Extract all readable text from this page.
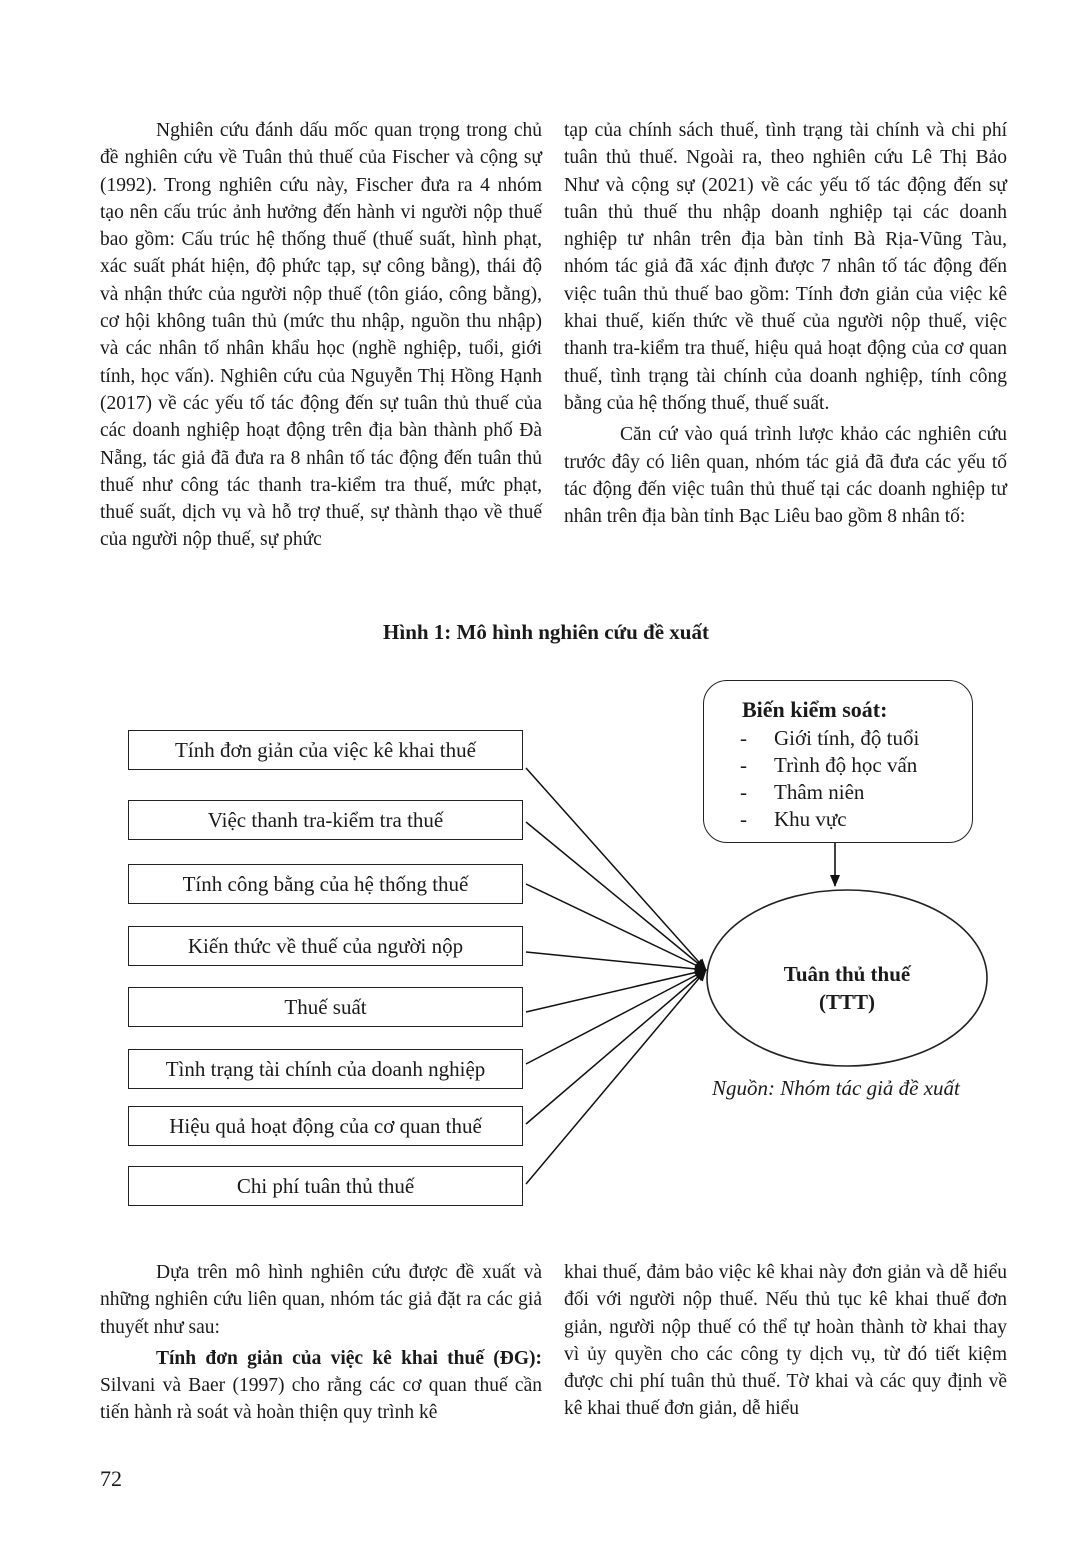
Nghiên cứu đánh dấu mốc quan trọng trong chủ đề nghiên cứu về Tuân thủ thuế của Fischer và cộng sự (1992). Trong nghiên cứu này, Fischer đưa ra 4 nhóm tạo nên cấu trúc ảnh hưởng đến hành vi người nộp thuế bao gồm: Cấu trúc hệ thống thuế (thuế suất, hình phạt, xác suất phát hiện, độ phức tạp, sự công bằng), thái độ và nhận thức của người nộp thuế (tôn giáo, công bằng), cơ hội không tuân thủ (mức thu nhập, nguồn thu nhập) và các nhân tố nhân khẩu học (nghề nghiệp, tuổi, giới tính, học vấn). Nghiên cứu của Nguyễn Thị Hồng Hạnh (2017) về các yếu tố tác động đến sự tuân thủ thuế của các doanh nghiệp hoạt động trên địa bàn thành phố Đà Nẵng, tác giả đã đưa ra 8 nhân tố tác động đến tuân thủ thuế như công tác thanh tra-kiểm tra thuế, mức phạt, thuế suất, dịch vụ và hỗ trợ thuế, sự thành thạo về thuế của người nộp thuế, sự phức

tạp của chính sách thuế, tình trạng tài chính và chi phí tuân thủ thuế. Ngoài ra, theo nghiên cứu Lê Thị Bảo Như và cộng sự (2021) về các yếu tố tác động đến sự tuân thủ thuế thu nhập doanh nghiệp tại các doanh nghiệp tư nhân trên địa bàn tỉnh Bà Rịa-Vũng Tàu, nhóm tác giả đã xác định được 7 nhân tố tác động đến việc tuân thủ thuế bao gồm: Tính đơn giản của việc kê khai thuế, kiến thức về thuế của người nộp thuế, việc thanh tra-kiểm tra thuế, hiệu quả hoạt động của cơ quan thuế, tình trạng tài chính của doanh nghiệp, tính công bằng của hệ thống thuế, thuế suất.

Căn cứ vào quá trình lược khảo các nghiên cứu trước đây có liên quan, nhóm tác giả đã đưa các yếu tố tác động đến việc tuân thủ thuế tại các doanh nghiệp tư nhân trên địa bàn tỉnh Bạc Liêu bao gồm 8 nhân tố:

Hình 1: Mô hình nghiên cứu đề xuất
Tính đơn giản của việc kê khai thuế
Việc thanh tra-kiểm tra thuế
Tính công bằng của hệ thống thuế
Kiến thức về thuế của người nộp
Thuế suất
Tình trạng tài chính của doanh nghiệp
Hiệu quả hoạt động của cơ quan thuế
Chi phí tuân thủ thuế
Biến kiểm soát:
- Giới tính, độ tuổi
- Trình độ học vấn
- Thâm niên
- Khu vực
Tuân thủ thuế
(TTT)
Nguồn: Nhóm tác giả đề xuất

Dựa trên mô hình nghiên cứu được đề xuất và những nghiên cứu liên quan, nhóm tác giả đặt ra các giả thuyết như sau:

Tính đơn giản của việc kê khai thuế (ĐG): Silvani và Baer (1997) cho rằng các cơ quan thuế cần tiến hành rà soát và hoàn thiện quy trình kê

khai thuế, đảm bảo việc kê khai này đơn giản và dễ hiểu đối với người nộp thuế. Nếu thủ tục kê khai thuế đơn giản, người nộp thuế có thể tự hoàn thành tờ khai thay vì ủy quyền cho các công ty dịch vụ, từ đó tiết kiệm được chi phí tuân thủ thuế. Tờ khai và các quy định về kê khai thuế đơn giản, dễ hiểu

72
